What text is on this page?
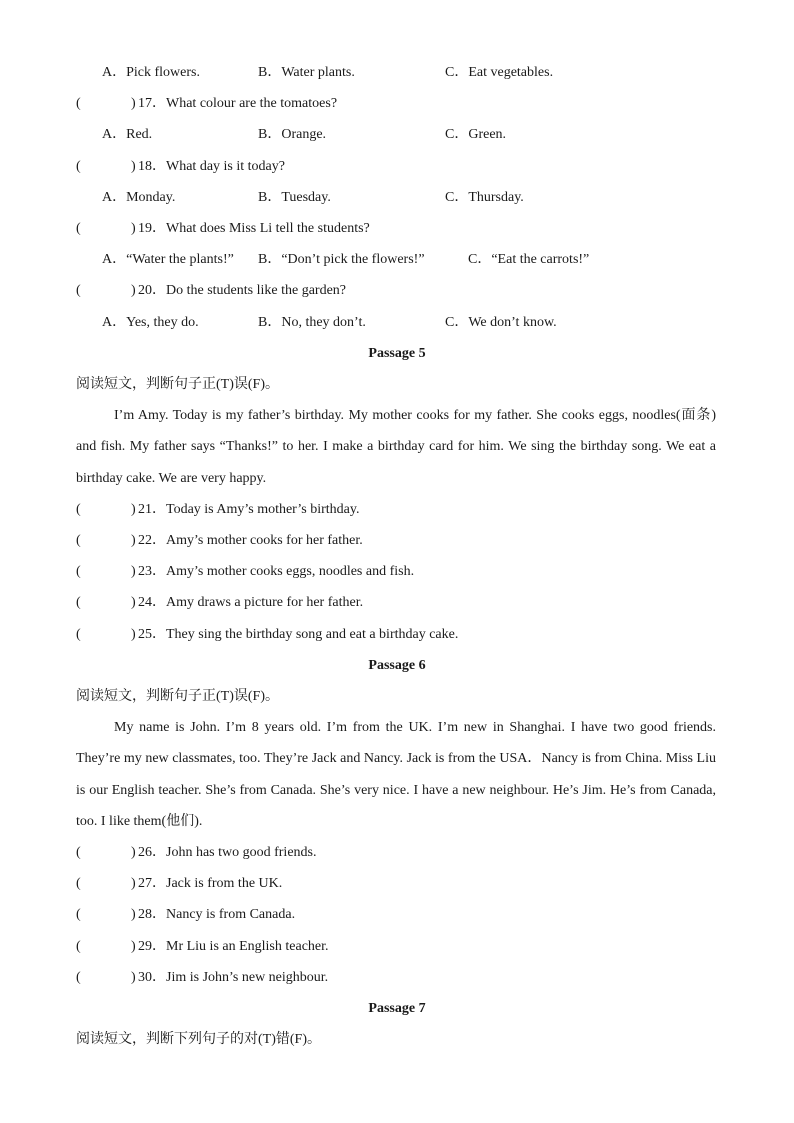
A．Pick flowers.	B．Water plants.	C．Eat vegetables.
(	) 17．What colour are the tomatoes?
A．Red.	B．Orange.	C．Green.
(	) 18．What day is it today?
A．Monday.	B．Tuesday.	C．Thursday.
(	) 19．What does Miss Li tell the students?
A．“Water the plants!” B．“Don’t pick the flowers!”	C．“Eat the carrots!”
(	) 20．Do the students like the garden?
A．Yes, they do.	B．No, they don’t.	C．We don’t know.
Passage 5
阅读短文，判断句子正(T)误(F)。
I’m Amy. Today is my father’s birthday. My mother cooks for my father. She cooks eggs, noodles(面条) and fish. My father says “Thanks!” to her. I make a birthday card for him. We sing the birthday song. We eat a birthday cake. We are very happy.
(	) 21．Today is Amy’s mother’s birthday.
(	) 22．Amy’s mother cooks for her father.
(	) 23．Amy’s mother cooks eggs, noodles and fish.
(	) 24．Amy draws a picture for her father.
(	) 25．They sing the birthday song and eat a birthday cake.
Passage 6
阅读短文，判断句子正(T)误(F)。
My name is John. I’m 8 years old. I’m from the UK. I’m new in Shanghai. I have two good friends. They’re my new classmates, too. They’re Jack and Nancy. Jack is from the USA．Nancy is from China. Miss Liu is our English teacher. She’s from Canada. She’s very nice. I have a new neighbour. He’s Jim. He’s from Canada, too. I like them(他们).
(	) 26．John has two good friends.
(	) 27．Jack is from the UK.
(	) 28．Nancy is from Canada.
(	) 29．Mr Liu is an English teacher.
(	) 30．Jim is John’s new neighbour.
Passage 7
阅读短文，判断下列句子的对(T)错(F)。
